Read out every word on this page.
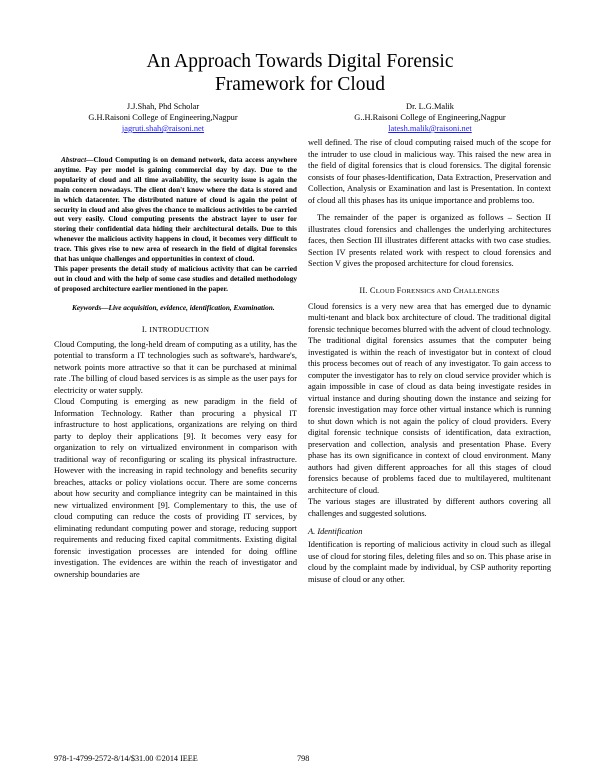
An Approach Towards Digital Forensic
Framework for Cloud
J.J.Shah, Phd Scholar
G.H.Raisoni College of Engineering,Nagpur
jagruti.shah@raisoni.net
Dr. L.G.Malik
G..H.Raisoni College of Engineering,Nagpur
latesh.malik@raisoni.net

Abstract—Cloud Computing is on demand network, data access anywhere anytime. Pay per model is gaining commercial day by day. Due to the popularity of cloud and all time availability, the security issue is again the main concern nowadays. The client don't know where the data is stored and in which datacenter. The distributed nature of cloud is again the point of security in cloud and also gives the chance to malicious activities to be carried out very easily. Cloud computing presents the abstract layer to user for storing their confidential data hiding their architectural details. Due to this whenever the malicious activity happens in cloud, it becomes very difficult to trace. This gives rise to new area of research in the field of digital forensics that has unique challenges and opportunities in context of cloud.

This paper presents the detail study of malicious activity that can be carried out in cloud and with the help of some case studies and detailed methodology of proposed architecture earlier mentioned in the paper.

Keywords—Live acquisition, evidence, identification, Examination.

I. INTRODUCTION

Cloud Computing, the long-held dream of computing as a utility, has the potential to transform a IT technologies such as software's, hardware's, network points more attractive so that it can be purchased at minimal rate .The billing of cloud based services is as simple as the user pays for electricity or water supply.

Cloud Computing is emerging as new paradigm in the field of Information Technology. Rather than procuring a physical IT infrastructure to host applications, organizations are relying on third party to deploy their applications [9]. It becomes very easy for organization to rely on virtualized environment in comparison with traditional way of reconfiguring or scaling its physical infrastructure. However with the increasing in rapid technology and benefits security breaches, attacks or policy violations occur. There are some concerns about how security and compliance integrity can be maintained in this new virtualized environment [9]. Complementary to this, the use of cloud computing can reduce the costs of providing IT services, by eliminating redundant computing power and storage, reducing support requirements and reducing fixed capital commitments. Existing digital forensic investigation processes are intended for doing offline investigation. The evidences are within the reach of investigator and ownership boundaries are

well defined. The rise of cloud computing raised much of the scope for the intruder to use cloud in malicious way. This raised the new area in the field of digital forensics that is cloud forensics. The digital forensic consists of four phases-Identification, Data Extraction, Preservation and Collection, Analysis or Examination and last is Presentation. In context of cloud all this phases has its unique importance and problems too.

The remainder of the paper is organized as follows – Section II illustrates cloud forensics and challenges the underlying architectures faces, then Section III illustrates different attacks with two case studies. Section IV presents related work with respect to cloud forensics and Section V gives the proposed architecture for cloud forensics.

II. CLOUD FORENSICS AND CHALLENGES

Cloud forensics is a very new area that has emerged due to dynamic multi-tenant and black box architecture of cloud. The traditional digital forensic technique becomes blurred with the advent of cloud technology. The traditional digital forensics assumes that the computer being investigated is within the reach of investigator but in context of cloud this process becomes out of reach of any investigator. To gain access to computer the investigator has to rely on cloud service provider which is again impossible in case of cloud as data being investigate resides in virtual instance and during shouting down the instance and seizing for forensic investigation may force other virtual instance which is running to shut down which is not again the policy of cloud providers. Every digital forensic technique consists of identification, data extraction, preservation and collection, analysis and presentation Phase. Every phase has its own significance in context of cloud environment. Many authors had given different approaches for all this stages of cloud forensics because of problems faced due to multilayered, multitenant architecture of cloud.

The various stages are illustrated by different authors covering all challenges and suggested solutions.

A. Identification

Identification is reporting of malicious activity in cloud such as illegal use of cloud for storing files, deleting files and so on. This phase arise in cloud by the complaint made by individual, by CSP authority reporting misuse of cloud or any other.

978-1-4799-2572-8/14/$31.00 ©2014 IEEE	798
